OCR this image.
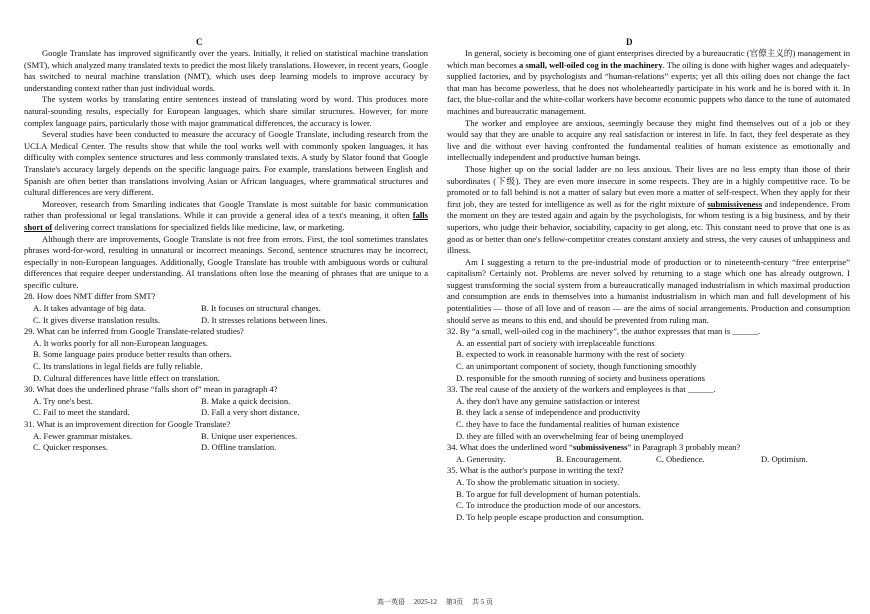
C

Google Translate has improved significantly over the years. Initially, it relied on statistical machine translation (SMT), which analyzed many translated texts to predict the most likely translations. However, in recent years, Google has switched to neural machine translation (NMT), which uses deep learning models to improve accuracy by understanding context rather than just individual words.

The system works by translating entire sentences instead of translating word by word. This produces more natural-sounding results, especially for European languages, which share similar structures. However, for more complex language pairs, particularly those with major grammatical differences, the accuracy is lower.

Several studies have been conducted to measure the accuracy of Google Translate, including research from the UCLA Medical Center. The results show that while the tool works well with commonly spoken languages, it has difficulty with complex sentence structures and less commonly translated texts. A study by Slator found that Google Translate's accuracy largely depends on the specific language pairs. For example, translations between English and Spanish are often better than translations involving Asian or African languages, where grammatical structures and cultural differences are very different.

Moreover, research from Smartling indicates that Google Translate is most suitable for basic communication rather than professional or legal translations. While it can provide a general idea of a text's meaning, it often falls short of delivering correct translations for specialized fields like medicine, law, or marketing.

Although there are improvements, Google Translate is not free from errors. First, the tool sometimes translates phrases word-for-word, resulting in unnatural or incorrect meanings. Second, sentence structures may be incorrect, especially in non-European languages. Additionally, Google Translate has trouble with ambiguous words or cultural differences that require deeper understanding. AI translations often lose the meaning of phrases that are unique to a specific culture.

28. How does NMT differ from SMT?

A. It takes advantage of big data.	B. It focuses on structural changes.
C. It gives diverse translation results.	D. It stresses relations between lines.

29. What can be inferred from Google Translate-related studies?

A. It works poorly for all non-European languages.
B. Some language pairs produce better results than others.
C. Its translations in legal fields are fully reliable.
D. Cultural differences have little effect on translation.

30. What does the underlined phrase “falls short of” mean in paragraph 4?

A. Try one's best.	B. Make a quick decision.
C. Fail to meet the standard.	D. Fall a very short distance.

31. What is an improvement direction for Google Translate?

A. Fewer grammar mistakes.	B. Unique user experiences.
C. Quicker responses.	D. Offline translation.
D

In general, society is becoming one of giant enterprises directed by a bureaucratic (官僚主义的) management in which man becomes a small, well-oiled cog in the machinery. The oiling is done with higher wages and adequately-supplied factories, and by psychologists and “human-relations” experts; yet all this oiling does not change the fact that man has become powerless, that he does not wholeheartedly participate in his work and he is bored with it. In fact, the blue-collar and the white-collar workers have become economic puppets who dance to the tune of automated machines and bureaucratic management.

The worker and employee are anxious, seemingly because they might find themselves out of a job or they would say that they are unable to acquire any real satisfaction or interest in life. In fact, they feel desperate as they live and die without ever having confronted the fundamental realities of human existence as emotionally and intellectually independent and productive human beings.

Those higher up on the social ladder are no less anxious. Their lives are no less empty than those of their subordinates (下级). They are even more insecure in some respects. They are in a highly competitive race. To be promoted or to fall behind is not a matter of salary but even more a matter of self-respect. When they apply for their first job, they are tested for intelligence as well as for the right mixture of submissiveness and independence. From the moment on they are tested again and again by the psychologists, for whom testing is a big business, and by their superiors, who judge their behavior, sociability, capacity to get along, etc. This constant need to prove that one is as good as or better than one's fellow-competitor creates constant anxiety and stress, the very causes of unhappiness and illness.

Am I suggesting a return to the pre-industrial mode of production or to nineteenth-century “free enterprise” capitalism? Certainly not. Problems are never solved by returning to a stage which one has already outgrown. I suggest transforming the social system from a bureaucratically managed industrialism in which maximal production and consumption are ends in themselves into a humanist industrialism in which man and full development of his potentialities — those of all love and of reason — are the aims of social arrangements. Production and consumption should serve as means to this end, and should be prevented from ruling man.

32. By “a small, well-oiled cog in the machinery”, the author expresses that man is ______.

A. an essential part of society with irreplaceable functions
B. expected to work in reasonable harmony with the rest of society
C. an unimportant component of society, though functioning smoothly
D. responsible for the smooth running of society and business operations

33. The real cause of the anxiety of the workers and employees is that ______.

A. they don't have any genuine satisfaction or interest
B. they lack a sense of independence and productivity
C. they have to face the fundamental realities of human existence
D. they are filled with an overwhelming fear of being unemployed

34. What does the underlined word “submissiveness” in Paragraph 3 probably mean?

A. Generosity.	B. Encouragement.	C. Obedience.	D. Optimism.

35. What is the author's purpose in writing the text?

A. To show the problematic situation in society.
B. To argue for full development of human potentials.
C. To introduce the production mode of our ancestors.
D. To help people escape production and consumption.
高一英语　 2025-12　 第3页　 共 5 页
